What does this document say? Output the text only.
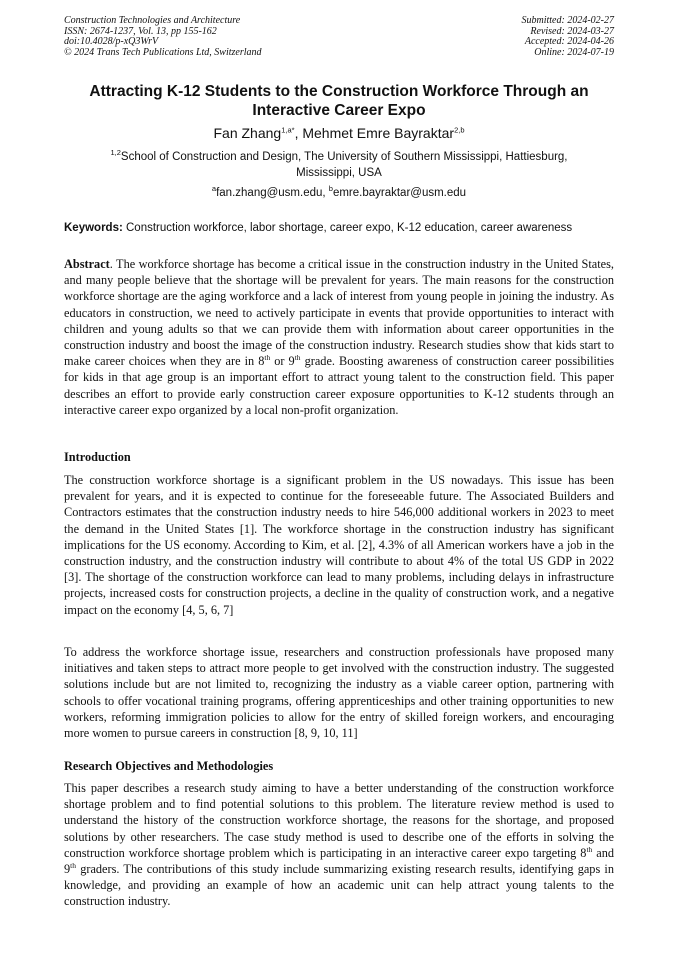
Construction Technologies and Architecture
ISSN: 2674-1237, Vol. 13, pp 155-162
doi:10.4028/p-xQ3WrV
© 2024 Trans Tech Publications Ltd, Switzerland
Submitted: 2024-02-27
Revised: 2024-03-27
Accepted: 2024-04-26
Online: 2024-07-19
Attracting K-12 Students to the Construction Workforce Through an
Interactive Career Expo
Fan Zhang$^{1,a*}$, Mehmet Emre Bayraktar$^{2,b}$
$^{1,2}$School of Construction and Design, The University of Southern Mississippi, Hattiesburg, Mississippi, USA
$^a$fan.zhang@usm.edu, $^b$emre.bayraktar@usm.edu
Keywords: Construction workforce, labor shortage, career expo, K-12 education, career awareness
Abstract. The workforce shortage has become a critical issue in the construction industry in the United States, and many people believe that the shortage will be prevalent for years. The main reasons for the construction workforce shortage are the aging workforce and a lack of interest from young people in joining the industry. As educators in construction, we need to actively participate in events that provide opportunities to interact with children and young adults so that we can provide them with information about career opportunities in the construction industry and boost the image of the construction industry. Research studies show that kids start to make career choices when they are in 8th or 9th grade. Boosting awareness of construction career possibilities for kids in that age group is an important effort to attract young talent to the construction field. This paper describes an effort to provide early construction career exposure opportunities to K-12 students through an interactive career expo organized by a local non-profit organization.
Introduction
The construction workforce shortage is a significant problem in the US nowadays. This issue has been prevalent for years, and it is expected to continue for the foreseeable future. The Associated Builders and Contractors estimates that the construction industry needs to hire 546,000 additional workers in 2023 to meet the demand in the United States [1]. The workforce shortage in the construction industry has significant implications for the US economy. According to Kim, et al. [2], 4.3% of all American workers have a job in the construction industry, and the construction industry will contribute to about 4% of the total US GDP in 2022 [3]. The shortage of the construction workforce can lead to many problems, including delays in infrastructure projects, increased costs for construction projects, a decline in the quality of construction work, and a negative impact on the economy [4, 5, 6, 7]
To address the workforce shortage issue, researchers and construction professionals have proposed many initiatives and taken steps to attract more people to get involved with the construction industry. The suggested solutions include but are not limited to, recognizing the industry as a viable career option, partnering with schools to offer vocational training programs, offering apprenticeships and other training opportunities to new workers, reforming immigration policies to allow for the entry of skilled foreign workers, and encouraging more women to pursue careers in construction [8, 9, 10, 11]
Research Objectives and Methodologies
This paper describes a research study aiming to have a better understanding of the construction workforce shortage problem and to find potential solutions to this problem. The literature review method is used to understand the history of the construction workforce shortage, the reasons for the shortage, and proposed solutions by other researchers. The case study method is used to describe one of the efforts in solving the construction workforce shortage problem which is participating in an interactive career expo targeting 8th and 9th graders. The contributions of this study include summarizing existing research results, identifying gaps in knowledge, and providing an example of how an academic unit can help attract young talents to the construction industry.
